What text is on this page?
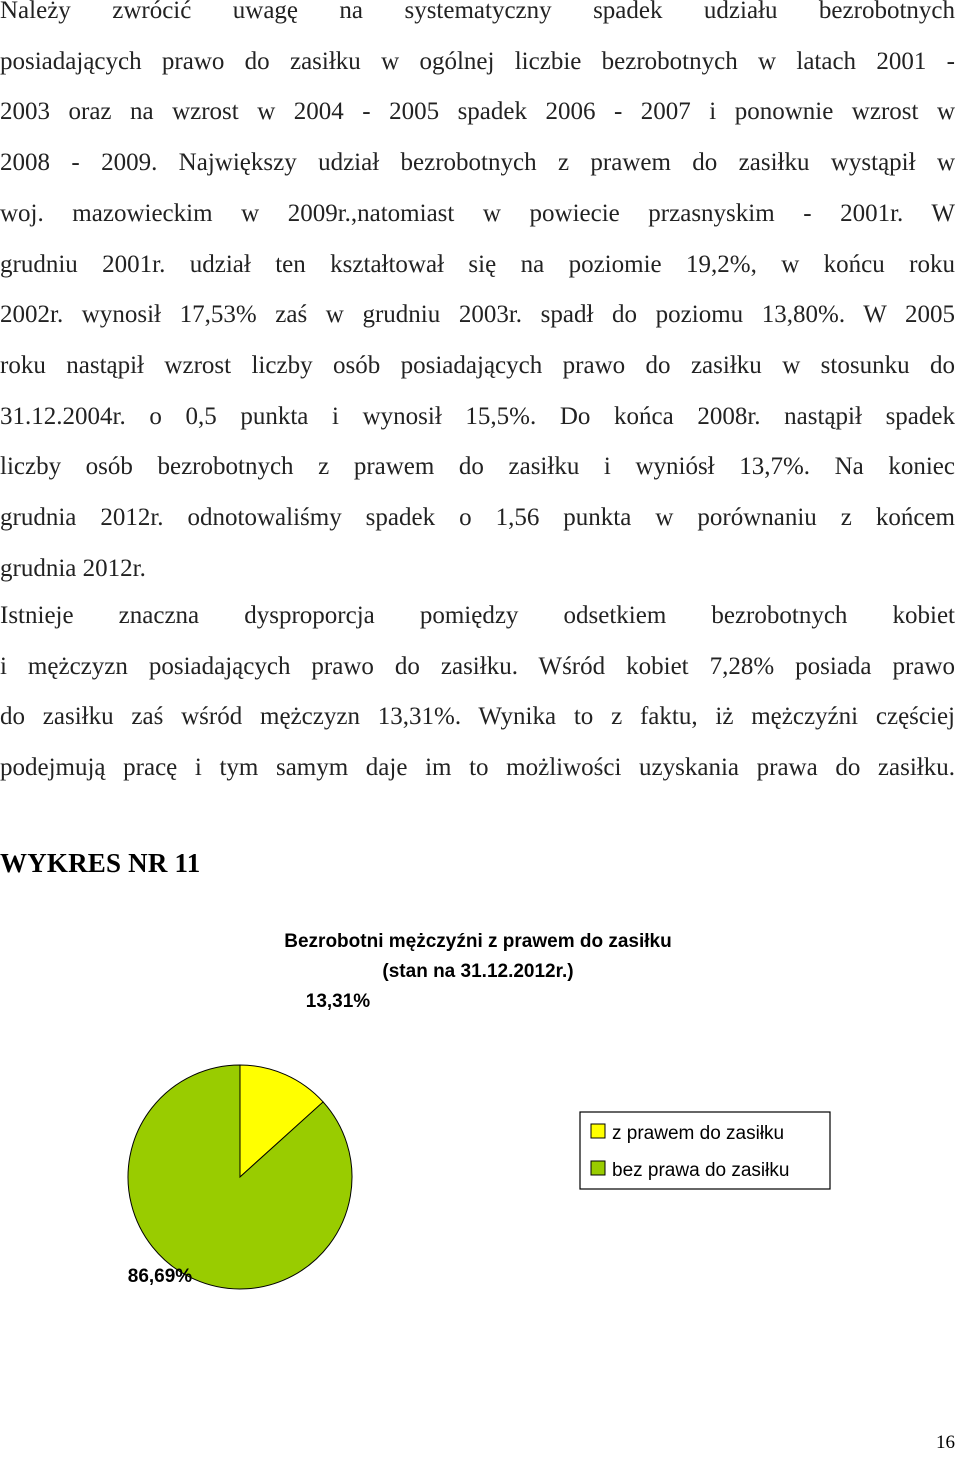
Należy zwrócić uwagę na systematyczny spadek udziału bezrobotnych
posiadających prawo do zasiłku w ogólnej liczbie bezrobotnych w latach 2001 -
2003 oraz na wzrost w 2004 - 2005 spadek 2006 - 2007 i ponownie wzrost w
2008 - 2009. Największy udział bezrobotnych z prawem do zasiłku wystąpił w
woj. mazowieckim w 2009r.,natomiast w powiecie przasnyskim - 2001r. W
grudniu 2001r. udział ten kształtował się na poziomie 19,2%, w końcu roku
2002r. wynosił 17,53% zaś w grudniu 2003r. spadł do poziomu 13,80%. W 2005
roku nastąpił wzrost liczby osób posiadających prawo do zasiłku w stosunku do
31.12.2004r. o 0,5 punkta i wynosił 15,5%. Do końca 2008r. nastąpił spadek
liczby osób bezrobotnych z prawem do zasiłku i wyniósł 13,7%. Na koniec
grudnia 2012r. odnotowaliśmy spadek o 1,56 punkta w porównaniu z końcem
grudnia 2012r.

Istnieje znaczna dysproporcja pomiędzy odsetkiem bezrobotnych kobiet
i mężczyzn posiadających prawo do zasiłku. Wśród kobiet 7,28% posiada prawo
do zasiłku zaś wśród mężczyzn 13,31%. Wynika to z faktu, iż mężczyźni częściej
podejmują pracę i tym samym daje im to możliwości uzyskania prawa do zasiłku.

WYKRES NR 11
Bezrobotni mężczyźni z prawem do zasiłku
(stan na 31.12.2012r.)
13,31%
86,69%
z prawem do zasiłku
bez prawa do zasiłku

16
